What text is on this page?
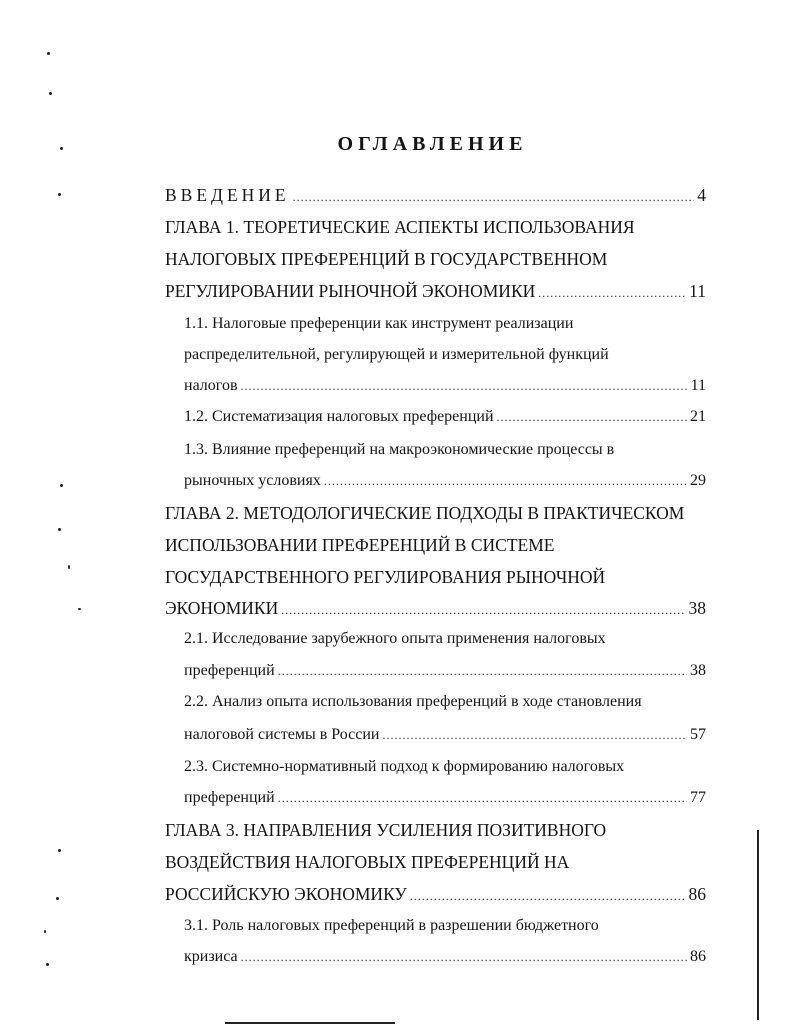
ОГЛАВЛЕНИЕ
ВВЕДЕНИЕ .....	4
ГЛАВА 1. ТЕОРЕТИЧЕСКИЕ АСПЕКТЫ ИСПОЛЬЗОВАНИЯ
НАЛОГОВЫХ ПРЕФЕРЕНЦИЙ В ГОСУДАРСТВЕННОМ
РЕГУЛИРОВАНИИ РЫНОЧНОЙ ЭКОНОМИКИ .....	11
1.1. Налоговые преференции как инструмент реализации
распределительной, регулирующей и измерительной функций
налогов .....	11
1.2. Систематизация налоговых преференций .....	21
1.3. Влияние преференций на макроэкономические процессы в
рыночных условиях .....	29
ГЛАВА 2. МЕТОДОЛОГИЧЕСКИЕ ПОДХОДЫ В ПРАКТИЧЕСКОМ
ИСПОЛЬЗОВАНИИ ПРЕФЕРЕНЦИЙ В СИСТЕМЕ
ГОСУДАРСТВЕННОГО РЕГУЛИРОВАНИЯ РЫНОЧНОЙ
ЭКОНОМИКИ .....	38
2.1. Исследование зарубежного опыта применения налоговых
преференций .....	38
2.2. Анализ опыта использования преференций в ходе становления
налоговой системы в России .....	57
2.3. Системно-нормативный подход к формированию налоговых
преференций .....	77
ГЛАВА 3. НАПРАВЛЕНИЯ УСИЛЕНИЯ ПОЗИТИВНОГО
ВОЗДЕЙСТВИЯ НАЛОГОВЫХ ПРЕФЕРЕНЦИЙ НА
РОССИЙСКУЮ ЭКОНОМИКУ .....	86
3.1. Роль налоговых преференций в разрешении бюджетного
кризиса .....	86
